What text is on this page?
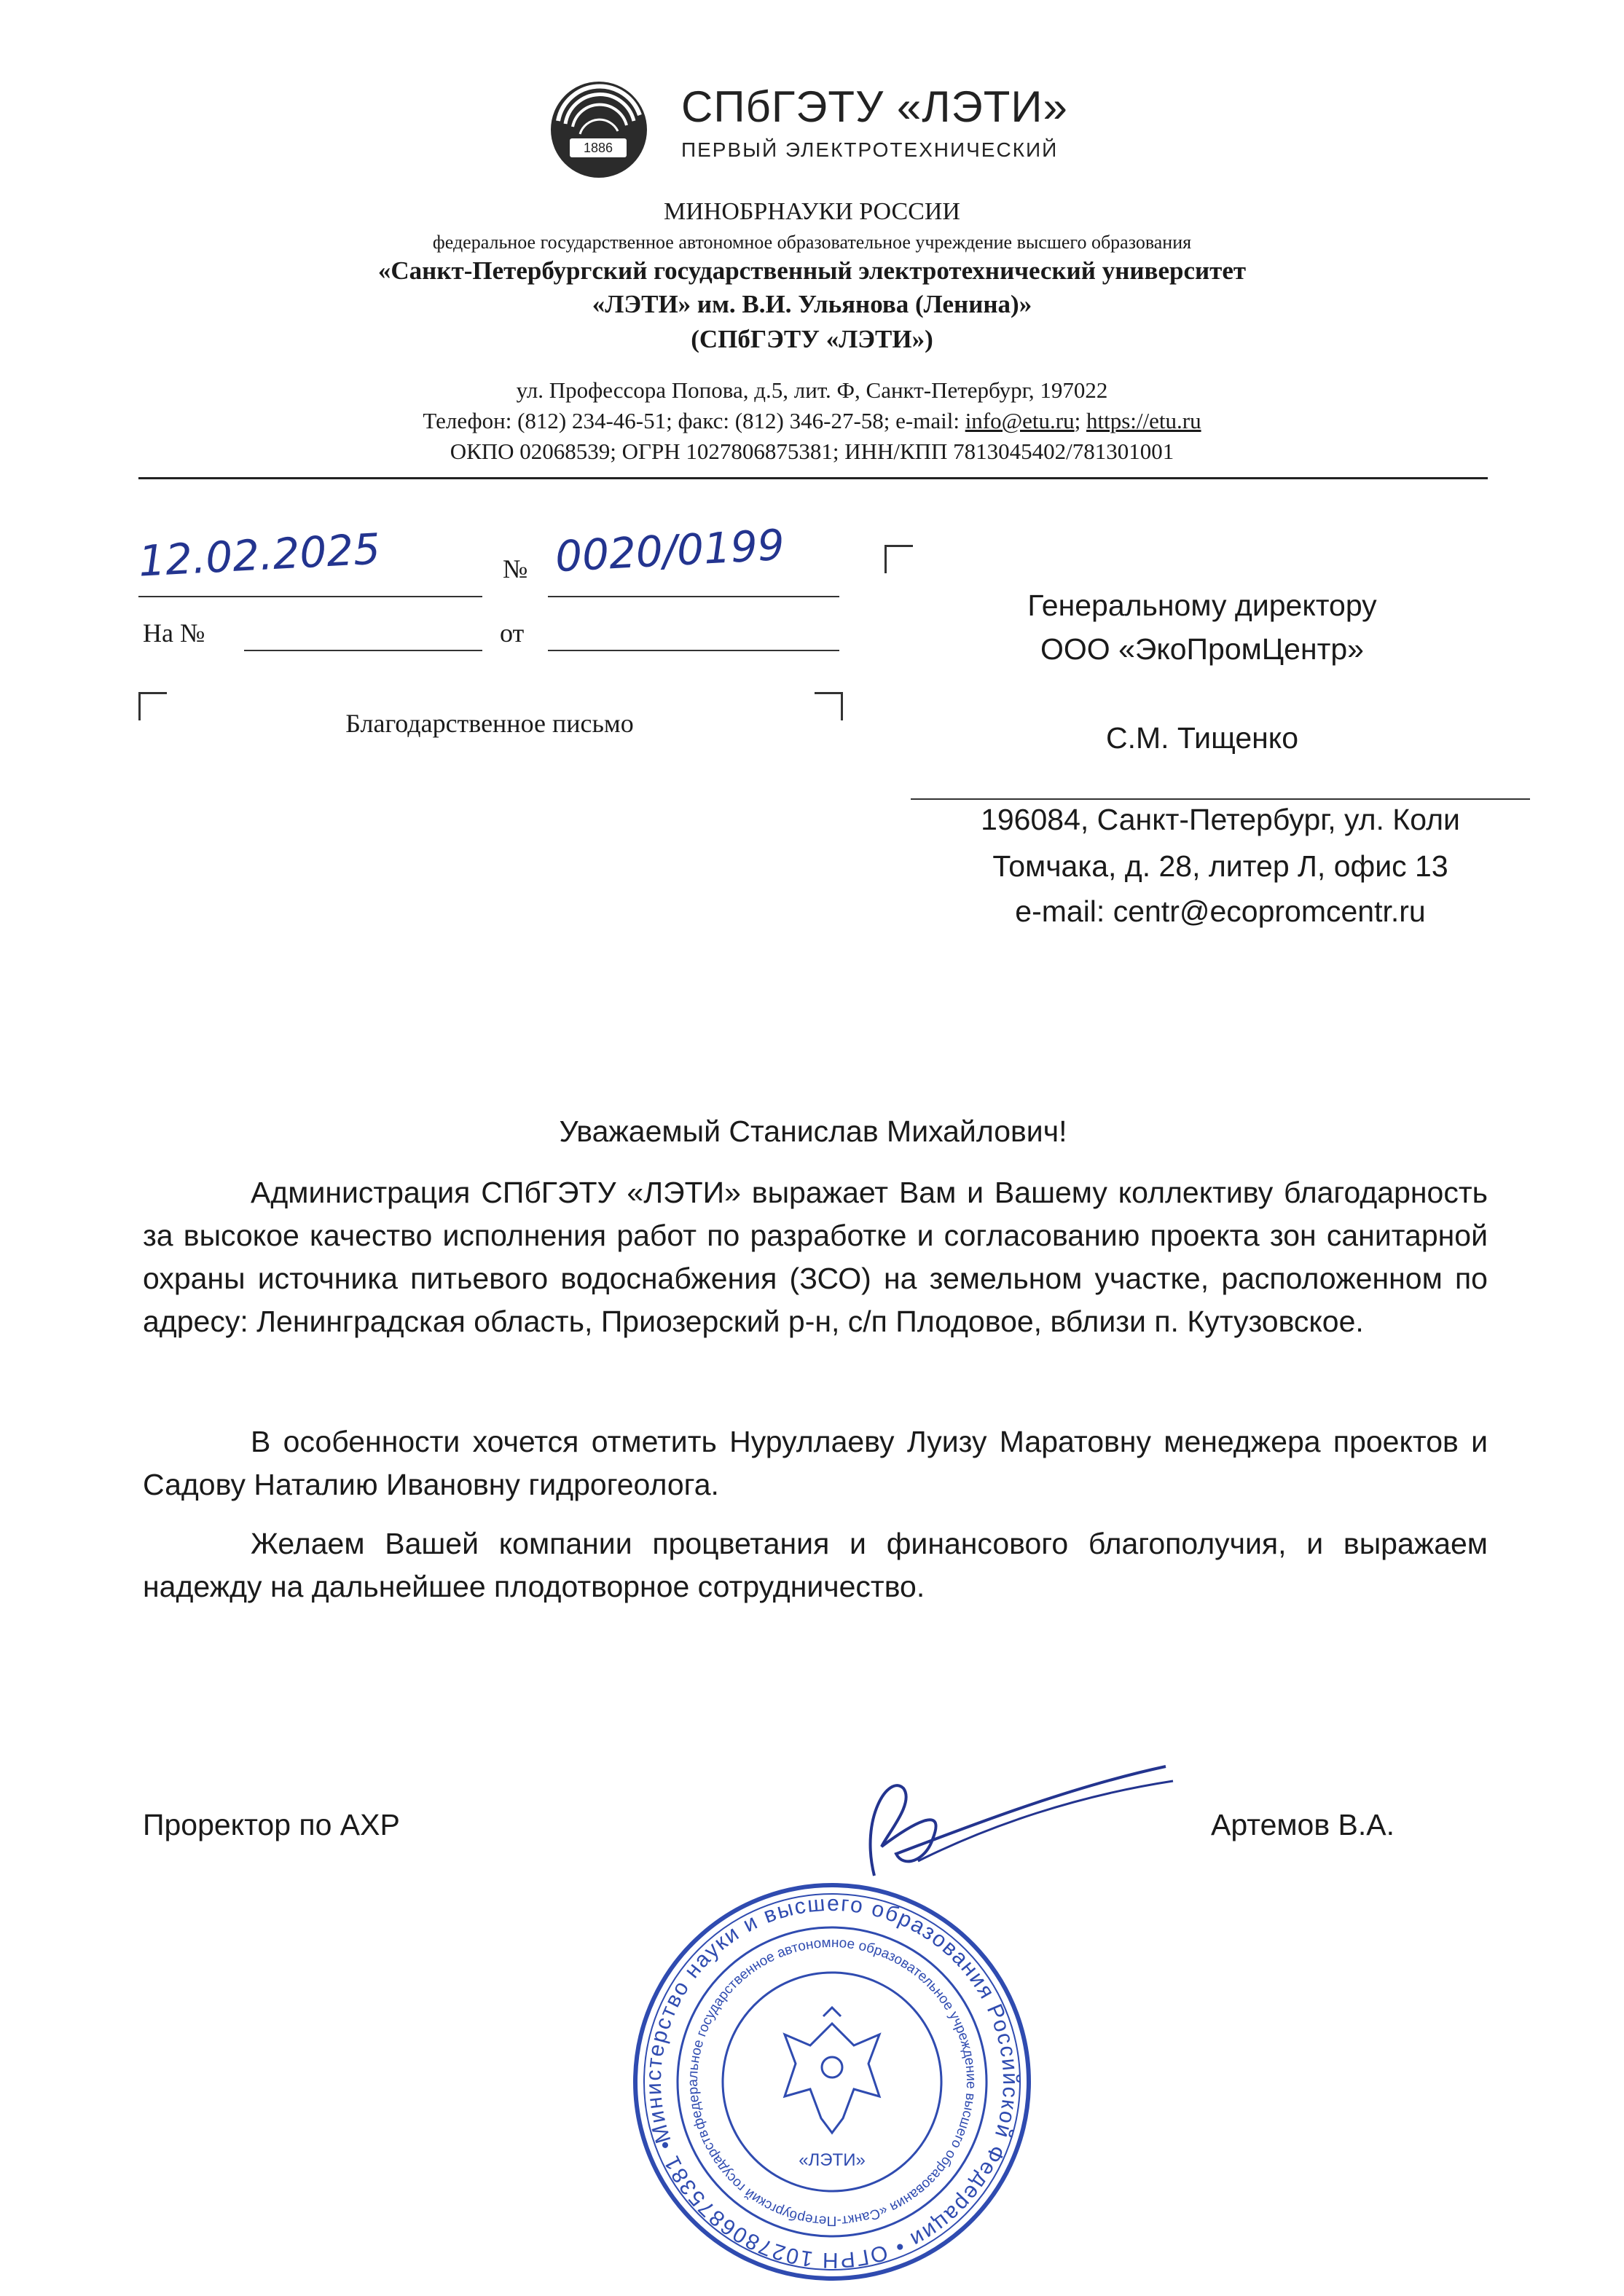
1886
СПбГЭТУ «ЛЭТИ»
ПЕРВЫЙ ЭЛЕКТРОТЕХНИЧЕСКИЙ
МИНОБРНАУКИ РОССИИ
федеральное государственное автономное образовательное учреждение высшего образования
«Санкт-Петербургский государственный электротехнический университет
«ЛЭТИ» им. В.И. Ульянова (Ленина)»
(СПбГЭТУ «ЛЭТИ»)
ул. Профессора Попова, д.5, лит. Ф, Санкт-Петербург, 197022
Телефон: (812) 234-46-51; факс: (812) 346-27-58; e-mail: info@etu.ru; https://etu.ru
ОКПО 02068539; ОГРН 1027806875381; ИНН/КПП 7813045402/781301001
12.02.2025	№ 0020/0199
На №	от
Благодарственное письмо
Генеральному директору
ООО «ЭкоПромЦентр»
С.М. Тищенко
196084, Санкт-Петербург, ул. Коли
Томчака, д. 28, литер Л, офис 13
e-mail: centr@ecopromcentr.ru
Уважаемый Станислав Михайлович!

Администрация СПбГЭТУ «ЛЭТИ» выражает Вам и Вашему коллективу благодарность за высокое качество исполнения работ по разработке и согласованию проекта зон санитарной охраны источника питьевого водоснабжения (ЗСО) на земельном участке, расположенном по адресу: Ленинградская область, Приозерский р-н, с/п Плодовое, вблизи п. Кутузовское.

В особенности хочется отметить Нуруллаеву Луизу Маратовну менеджера проектов и Садову Наталию Ивановну гидрогеолога.

Желаем Вашей компании процветания и финансового благополучия, и выражаем надежду на дальнейшее плодотворное сотрудничество.

Проректор по АХР	Артемов В.А.
Министерство науки и высшего образования Российской Федерации • ОГРН 1027806875381 •
федеральное государственное автономное образовательное учреждение высшего образования «Санкт-Петербургский государственный
«ЛЭТИ»
